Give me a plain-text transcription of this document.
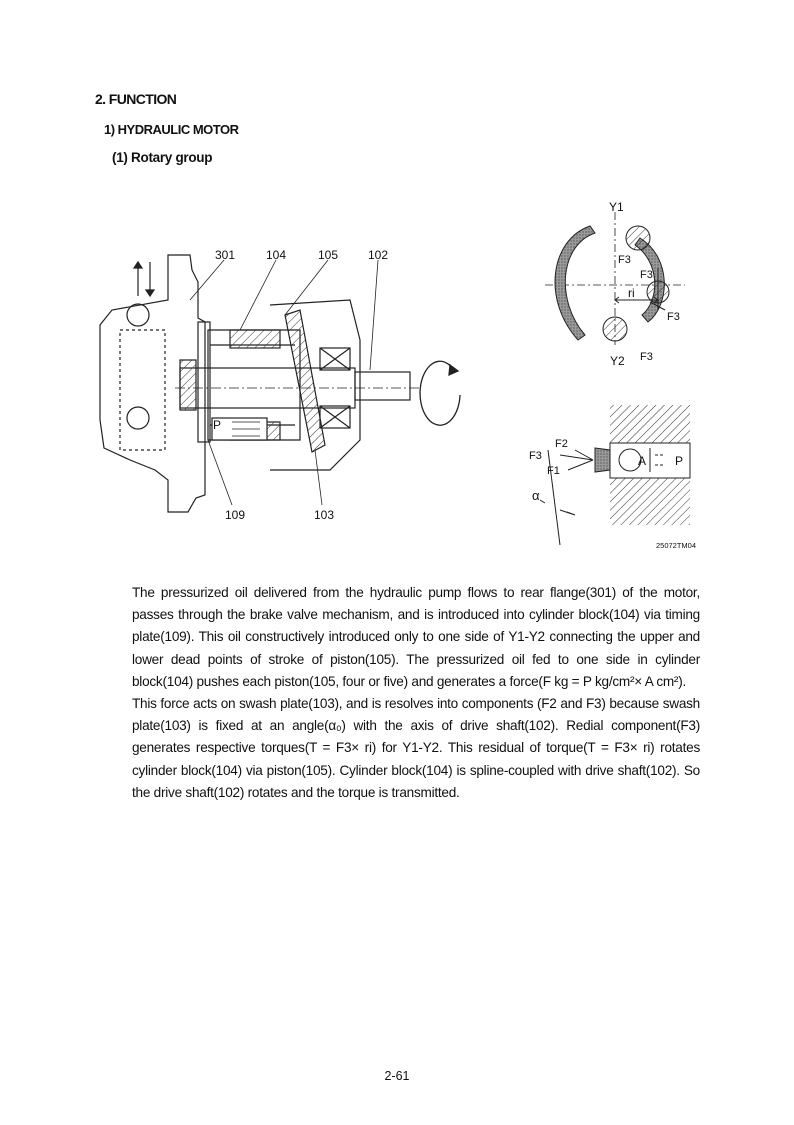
2. FUNCTION
1) HYDRAULIC MOTOR
(1) Rotary group
P
301	104	105 102
109	103
Y1
Y2
F3
F3
ri
F3
F3
F2
F3
F1
A P
α
25072TM04

The pressurized oil delivered from the hydraulic pump flows to rear flange(301) of the motor, passes through the brake valve mechanism, and is introduced into cylinder block(104) via timing plate(109). This oil constructively introduced only to one side of Y1-Y2 connecting the upper and lower dead points of stroke of piston(105). The pressurized oil fed to one side in cylinder block(104) pushes each piston(105, four or five) and generates a force(F kg = P kg/cm²× A cm²).

This force acts on swash plate(103), and is resolves into components (F2 and F3) because swash plate(103) is fixed at an angle(α₀) with the axis of drive shaft(102). Redial component(F3) generates respective torques(T = F3× ri) for Y1-Y2. This residual of torque(T = F3× ri) rotates cylinder block(104) via piston(105). Cylinder block(104) is spline-coupled with drive shaft(102). So the drive shaft(102) rotates and the torque is transmitted.

2-61
